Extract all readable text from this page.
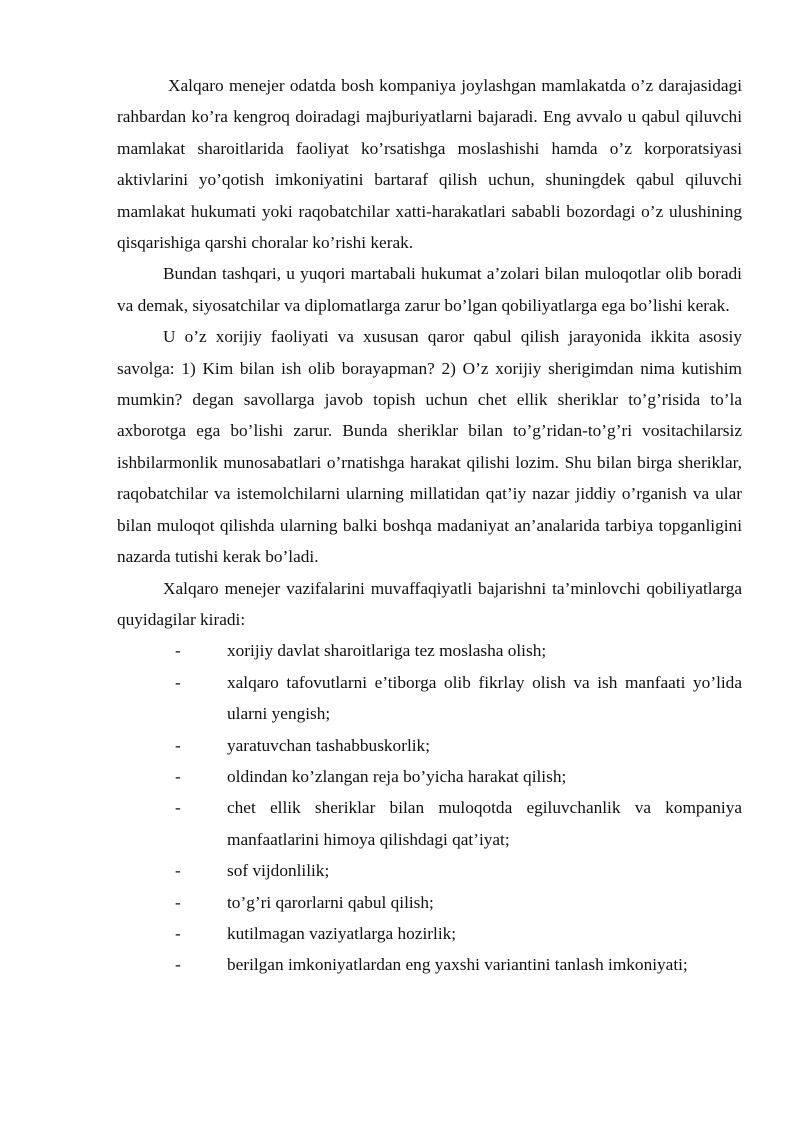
Xalqaro menejer odatda bosh kompaniya joylashgan mamlakatda o’z darajasidagi rahbardan ko’ra kengroq doiradagi majburiyatlarni bajaradi. Eng avvalo u qabul qiluvchi mamlakat sharoitlarida faoliyat ko’rsatishga moslashishi hamda o’z korporatsiyasi aktivlarini yo’qotish imkoniyatini bartaraf qilish uchun, shuningdek qabul qiluvchi mamlakat hukumati yoki raqobatchilar xatti-harakatlari sababli bozordagi o’z ulushining qisqarishiga qarshi choralar ko’rishi kerak.

Bundan tashqari, u yuqori martabali hukumat a’zolari bilan muloqotlar olib boradi va demak, siyosatchilar va diplomatlarga zarur bo’lgan qobiliyatlarga ega bo’lishi kerak.

U o’z xorijiy faoliyati va xususan qaror qabul qilish jarayonida ikkita asosiy savolga: 1) Kim bilan ish olib borayapman? 2) O’z xorijiy sherigimdan nima kutishim mumkin? degan savollarga javob topish uchun chet ellik sheriklar to’g’risida to’la axborotga ega bo’lishi zarur. Bunda sheriklar bilan to’g’ridan-to’g’ri vositachilarsiz ishbilarmonlik munosabatlari o’rnatishga harakat qilishi lozim. Shu bilan birga sheriklar, raqobatchilar va istemolchilarni ularning millatidan qat’iy nazar jiddiy o’rganish va ular bilan muloqot qilishda ularning balki boshqa madaniyat an’analarida tarbiya topganligini nazarda tutishi kerak bo’ladi.

Xalqaro menejer vazifalarini muvaffaqiyatli bajarishni ta’minlovchi qobiliyatlarga quyidagilar kiradi:

-	xorijiy davlat sharoitlariga tez moslasha olish;
-	xalqaro tafovutlarni e’tiborga olib fikrlay olish va ish manfaati yo’lida ularni yengish;
-	yaratuvchan tashabbuskorlik;
-	oldindan ko’zlangan reja bo’yicha harakat qilish;
-	chet ellik sheriklar bilan muloqotda egiluvchanlik va kompaniya manfaatlarini himoya qilishdagi qat’iyat;
-	sof vijdonlilik;
-	to’g’ri qarorlarni qabul qilish;
-	kutilmagan vaziyatlarga hozirlik;
-	berilgan imkoniyatlardan eng yaxshi variantini tanlash imkoniyati;
